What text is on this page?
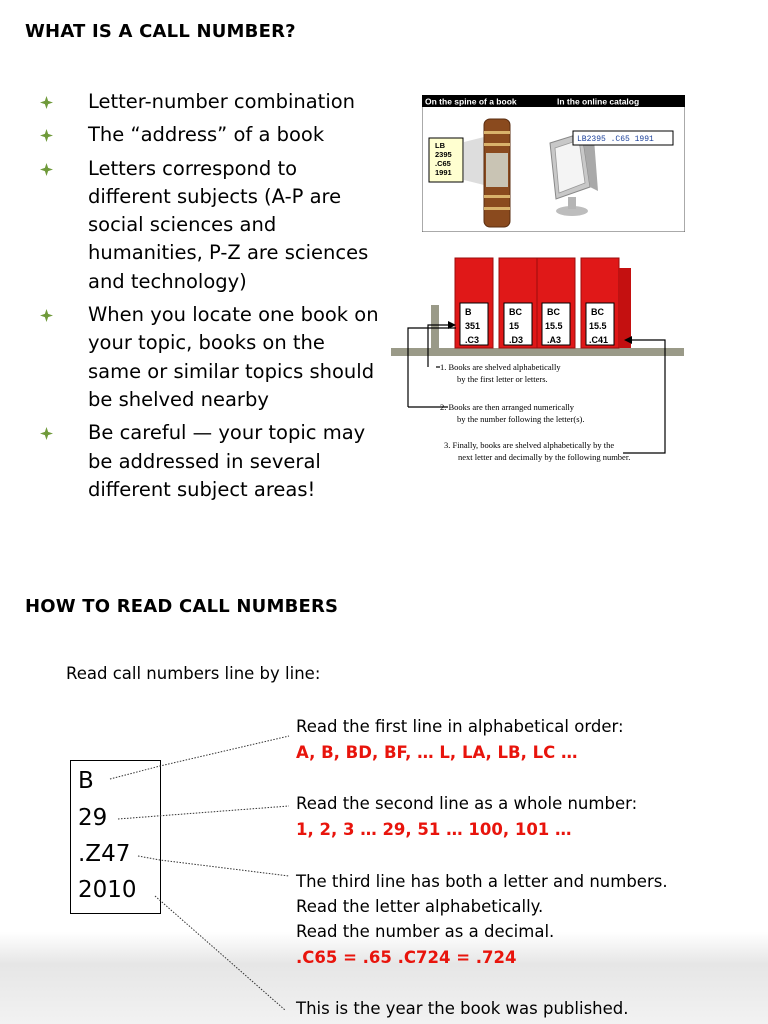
WHAT IS A CALL NUMBER?
Letter-number combination
The “address” of a book
Letters correspond to different subjects (A-P are social sciences and humanities, P-Z are sciences and technology)
When you locate one book on your topic, books on the same or similar topics should be shelved nearby
Be careful — your topic may be addressed in several different subject areas!
On the spine of a book	In the online catalog
LB
2395
.C65
1991
LB2395 .C65 1991
B
351
.C3
BC
15
.D3
BC
15.5
.A3
BC
15.5
.C41
1. Books are shelved alphabetically
by the first letter or letters.
2. Books are then arranged numerically
by the number following the letter(s).
3. Finally, books are shelved alphabetically by the
next letter and decimally by the following number.
HOW TO READ CALL NUMBERS
Read call numbers line by line:
B
29
.Z47
2010
Read the first line in alphabetical order:
A, B, BD, BF, … L, LA, LB, LC …
Read the second line as a whole number:
1, 2, 3 … 29, 51 … 100, 101 …
The third line has both a letter and numbers.
Read the letter alphabetically.
Read the number as a decimal.
.C65 = .65 .C724 = .724
This is the year the book was published.
